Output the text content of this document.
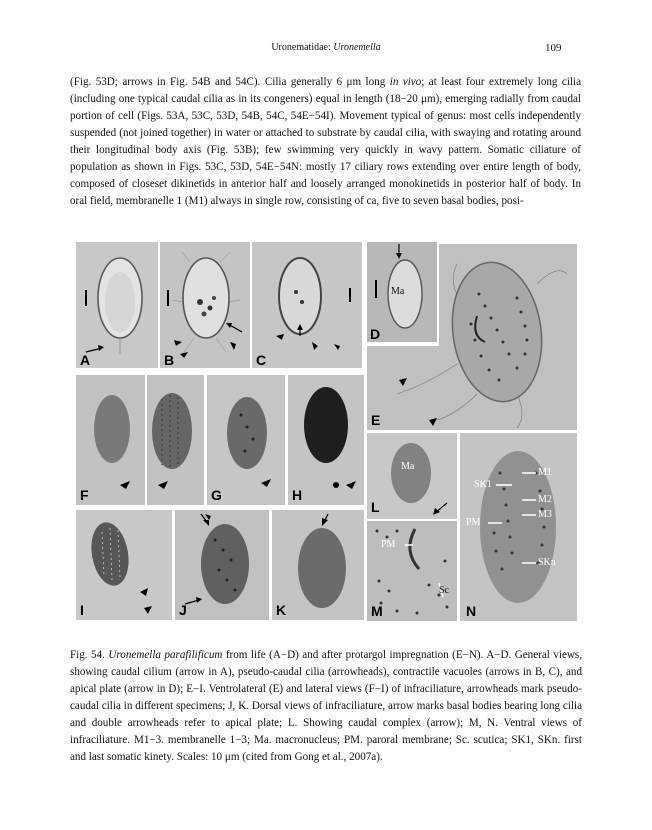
Uronematidae: Uronemella	109

(Fig. 53D; arrows in Fig. 54B and 54C). Cilia generally 6 μm long in vivo; at least four extremely long cilia (including one typical caudal cilia as in its congeners) equal in length (18−20 μm), emerging radially from caudal portion of cell (Figs. 53A, 53C, 53D, 54B, 54C, 54E−54I). Movement typical of genus: most cells independently suspended (not joined together) in water or attached to substrate by caudal cilia, with swaying and rotating around their longitudinal body axis (Fig. 53B); few swimming very quickly in wavy pattern. Somatic ciliature of population as shown in Figs. 53C, 53D, 54E−54N: mostly 17 ciliary rows extending over entire length of body, composed of closeset dikinetids in anterior half and loosely arranged monokinetids in posterior half of body. In oral field, membranelle 1 (M1) always in single row, consisting of ca, five to seven basal bodies, posi-

A	B	C
Ma
D
E
F	G	H
I	J	K
Ma
L
PM
Sc
M
SK1
M1
M2
M3
PM
SKn
N

Fig. 54. Uronemella parafilificum from life (A−D) and after protargol impregnation (E−N). A−D. General views, showing caudal cilium (arrow in A), pseudo-caudal cilia (arrowheads), contractile vacuoles (arrows in B, C), and apical plate (arrow in D); E−I. Ventrolateral (E) and lateral views (F−I) of infraciliature, arrowheads mark pseudo-caudal cilia in different specimens; J, K. Dorsal views of infraciliature, arrow marks basal bodies bearing long cilia and double arrowheads refer to apical plate; L. Showing caudal complex (arrow); M, N. Ventral views of infraciliature. M1−3. membranelle 1−3; Ma. macronucleus; PM. paroral membrane; Sc. scutica; SK1, SKn. first and last somatic kinety. Scales: 10 μm (cited from Gong et al., 2007a).
